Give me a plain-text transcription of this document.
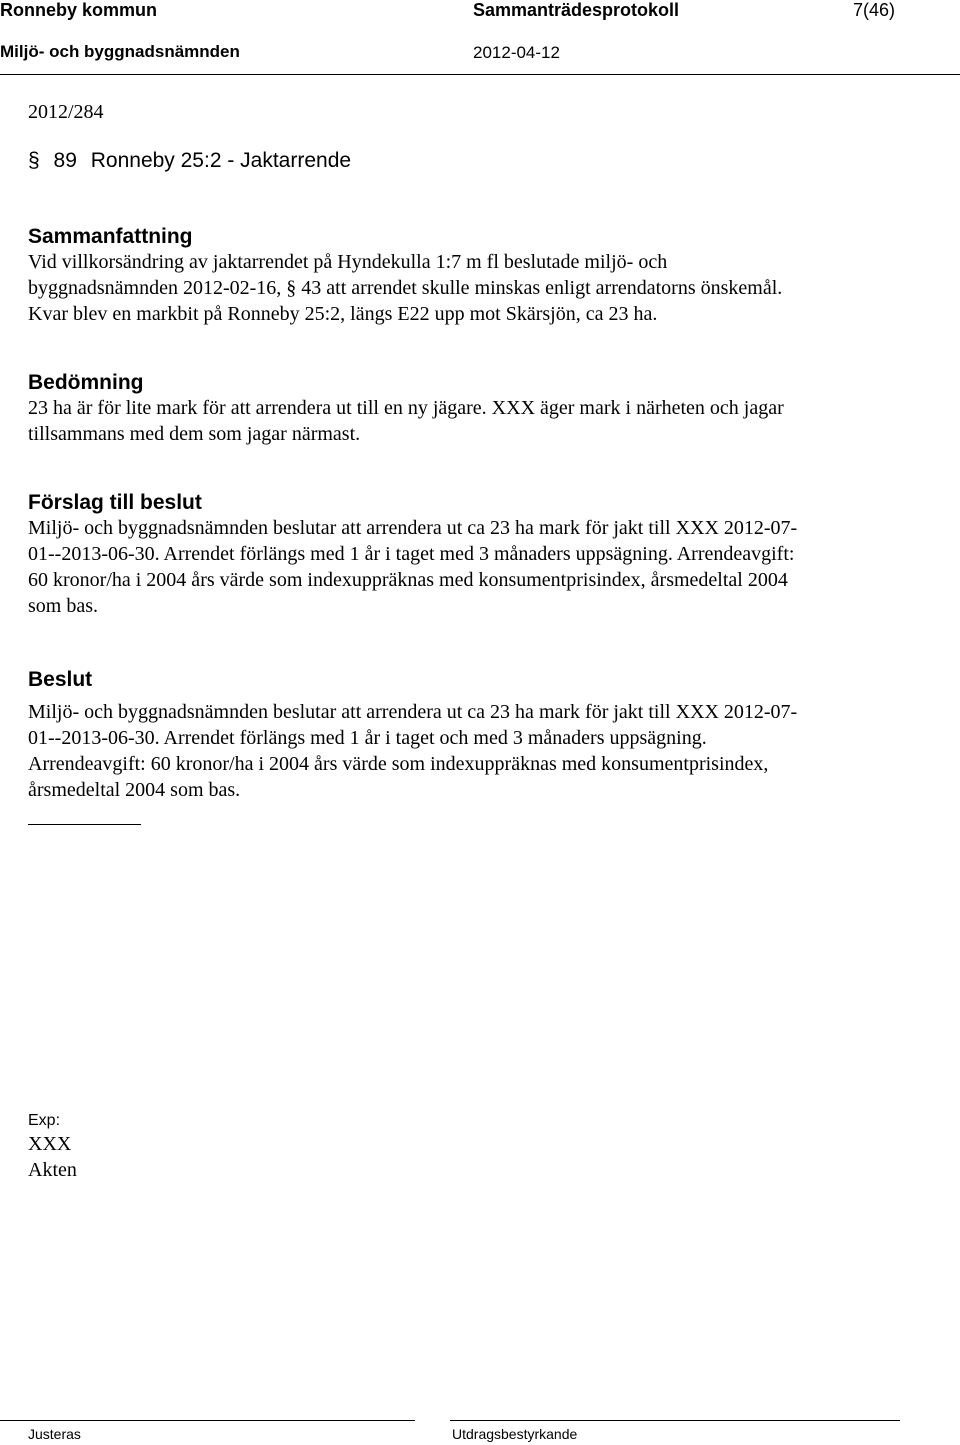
Ronneby kommun	Sammanträdesprotokoll	7(46)
Miljö- och byggnadsnämnden	2012-04-12
2012/284
§ 89 Ronneby 25:2 - Jaktarrende
Sammanfattning
Vid villkorsändring av jaktarrendet på Hyndekulla 1:7 m fl beslutade miljö- och
byggnadsnämnden 2012-02-16, § 43 att arrendet skulle minskas enligt arrendatorns önskemål.
Kvar blev en markbit på Ronneby 25:2, längs E22 upp mot Skärsjön, ca 23 ha.
Bedömning
23 ha är för lite mark för att arrendera ut till en ny jägare. XXX äger mark i närheten och jagar
tillsammans med dem som jagar närmast.
Förslag till beslut
Miljö- och byggnadsnämnden beslutar att arrendera ut ca 23 ha mark för jakt till XXX 2012-07-
01--2013-06-30. Arrendet förlängs med 1 år i taget med 3 månaders uppsägning. Arrendeavgift:
60 kronor/ha i 2004 års värde som indexuppräknas med konsumentprisindex, årsmedeltal 2004
som bas.
Beslut
Miljö- och byggnadsnämnden beslutar att arrendera ut ca 23 ha mark för jakt till XXX 2012-07-
01--2013-06-30. Arrendet förlängs med 1 år i taget och med 3 månaders uppsägning.
Arrendeavgift: 60 kronor/ha i 2004 års värde som indexuppräknas med konsumentprisindex,
årsmedeltal 2004 som bas.
Exp:
XXX
Akten
Justeras	Utdragsbestyrkande
